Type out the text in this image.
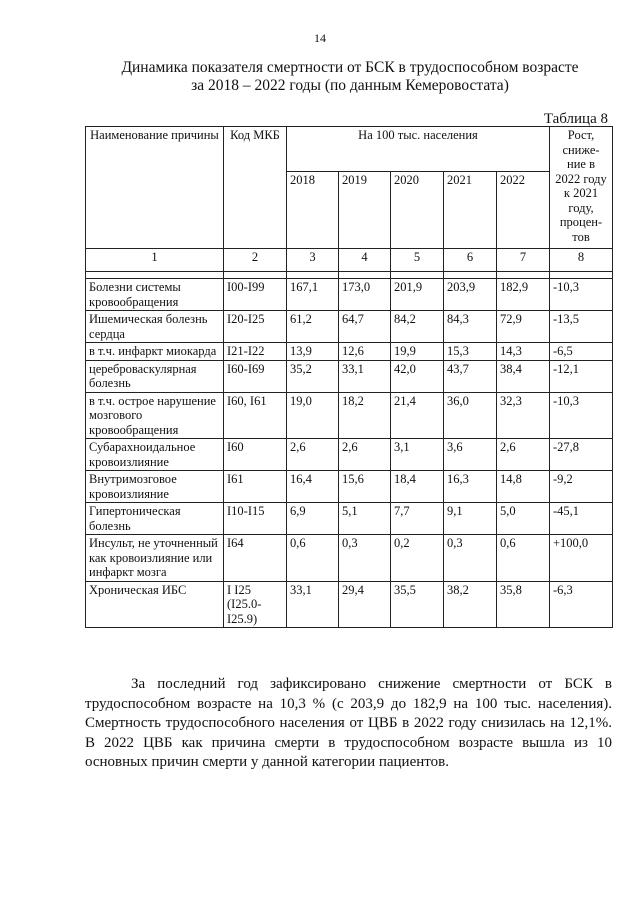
14
Динамика показателя смертности от БСК в трудоспособном возрасте
за 2018 – 2022 годы (по данным Кемеровостата)
Таблица 8
Наименование причины	Код МКБ	На 100 тыс. населения					Рост, сниже-ние в 2022 году к 2021 году, процен-тов
		2018	2019	2020	2021	2022	
1	2	3	4	5	6	7	8

Болезни системы кровообращения	I00-I99	167,1	173,0	201,9	203,9	182,9	-10,3
Ишемическая болезнь сердца	I20-I25	61,2	64,7	84,2	84,3	72,9	-13,5
в т.ч. инфаркт миокарда	I21-I22	13,9	12,6	19,9	15,3	14,3	-6,5
цереброваскулярная болезнь	I60-I69	35,2	33,1	42,0	43,7	38,4	-12,1
в т.ч. острое нарушение мозгового кровообращения	I60, I61	19,0	18,2	21,4	36,0	32,3	-10,3
Субарахноидальное кровоизлияние	I60	2,6	2,6	3,1	3,6	2,6	-27,8
Внутримозговое кровоизлияние	I61	16,4	15,6	18,4	16,3	14,8	-9,2
Гипертоническая болезнь	I10-I15	6,9	5,1	7,7	9,1	5,0	-45,1
Инсульт, не уточненный как кровоизлияние или инфаркт мозга	I64	0,6	0,3	0,2	0,3	0,6	+100,0
Хроническая ИБС	I I25 (I25.0-I25.9)	33,1	29,4	35,5	38,2	35,8	-6,3

За последний год зафиксировано снижение смертности от БСК в трудоспособном возрасте на 10,3 % (с 203,9 до 182,9 на 100 тыс. населения). Смертность трудоспособного населения от ЦВБ в 2022 году снизилась на 12,1%. В 2022 ЦВБ как причина смерти в трудоспособном возрасте вышла из 10 основных причин смерти у данной категории пациентов.
